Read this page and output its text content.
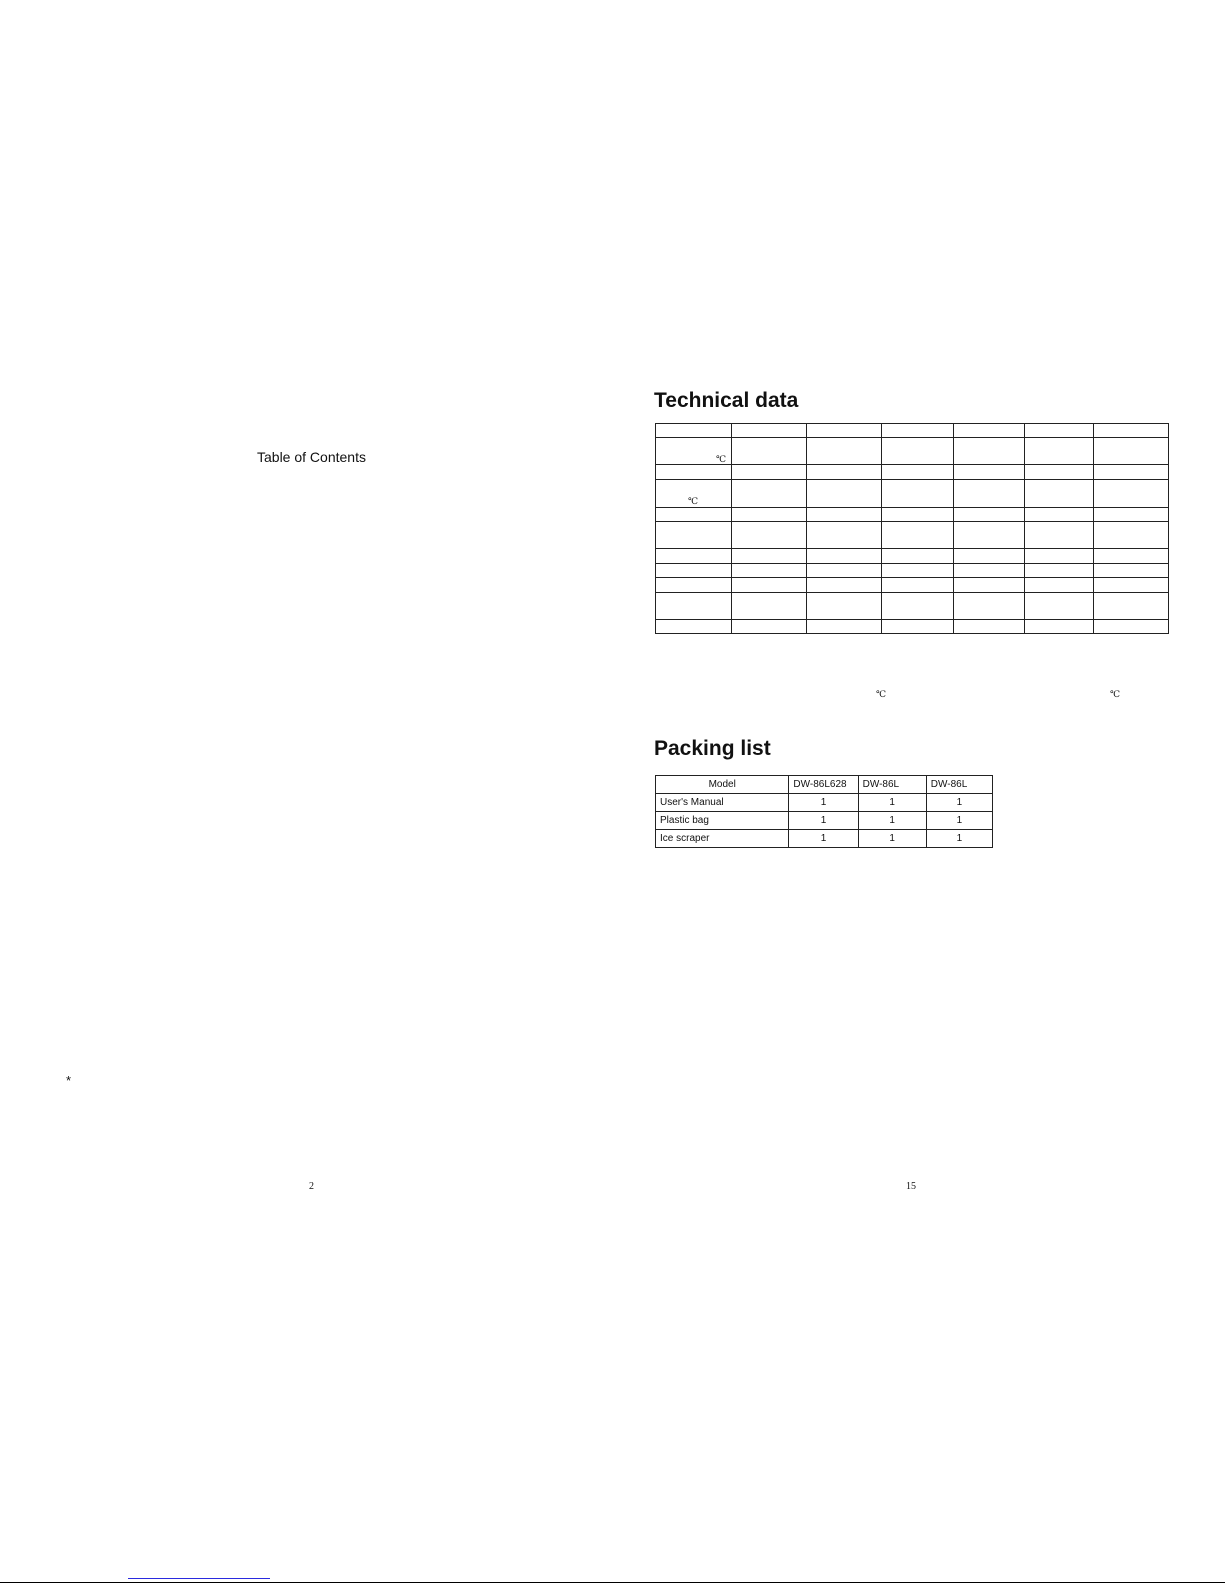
Table of Contents
*
2
Technical data

℃
℃
℃	℃
Packing list
Model	DW-86L628	DW-86L	DW-86L
User's Manual	1	1	1
Plastic bag	1	1	1
Ice scraper	1	1	1
15
